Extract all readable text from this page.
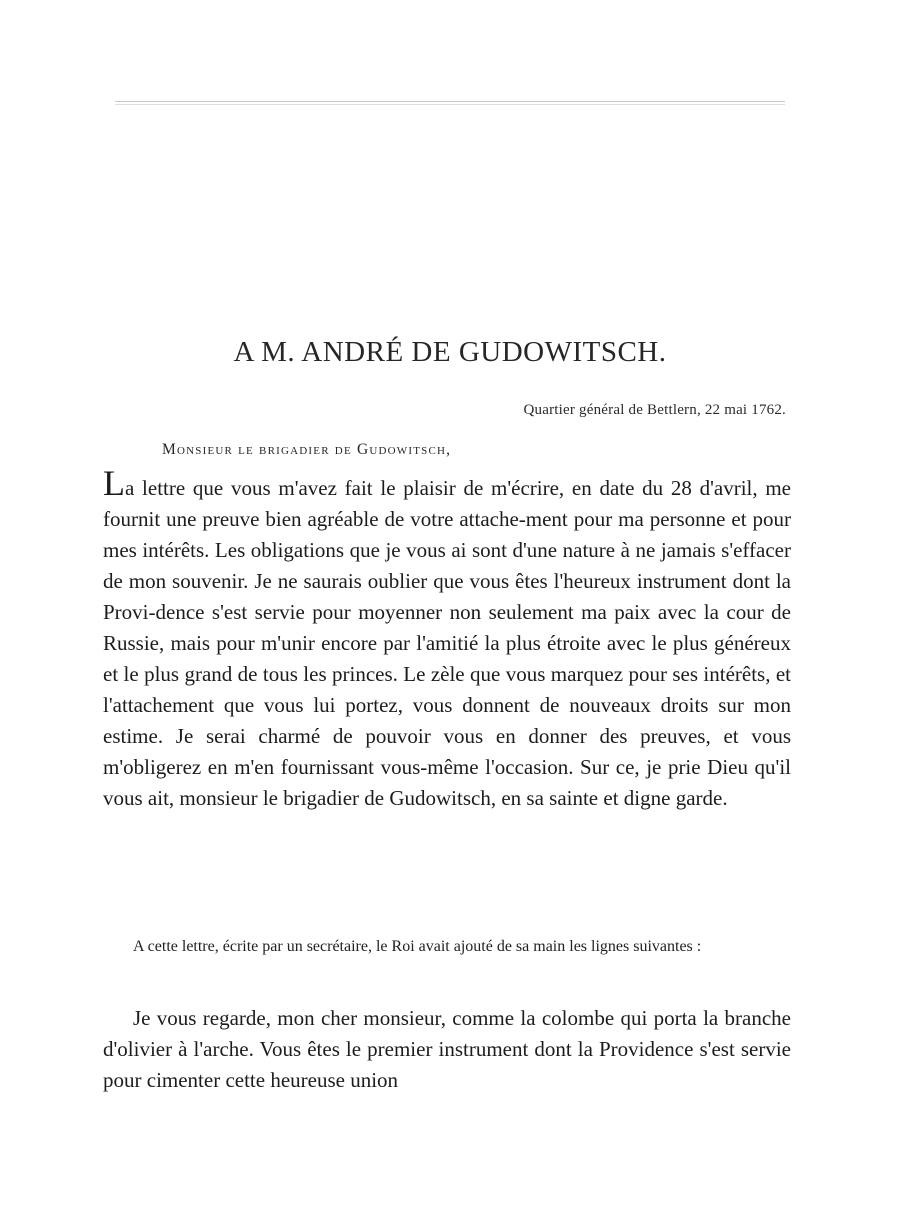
A M. ANDRÉ DE GUDOWITSCH.
Quartier général de Bettlern, 22 mai 1762.
Monsieur le brigadier de Gudowitsch,

La lettre que vous m'avez fait le plaisir de m'écrire, en date du 28 d'avril, me fournit une preuve bien agréable de votre attache-ment pour ma personne et pour mes intérêts. Les obligations que je vous ai sont d'une nature à ne jamais s'effacer de mon souvenir. Je ne saurais oublier que vous êtes l'heureux instrument dont la Provi-dence s'est servie pour moyenner non seulement ma paix avec la cour de Russie, mais pour m'unir encore par l'amitié la plus étroite avec le plus généreux et le plus grand de tous les princes. Le zèle que vous marquez pour ses intérêts, et l'attachement que vous lui portez, vous donnent de nouveaux droits sur mon estime. Je serai charmé de pouvoir vous en donner des preuves, et vous m'obligerez en m'en fournissant vous-même l'occasion. Sur ce, je prie Dieu qu'il vous ait, monsieur le brigadier de Gudowitsch, en sa sainte et digne garde.

A cette lettre, écrite par un secrétaire, le Roi avait ajouté de sa main les lignes suivantes :

Je vous regarde, mon cher monsieur, comme la colombe qui porta la branche d'olivier à l'arche. Vous êtes le premier instrument dont la Providence s'est servie pour cimenter cette heureuse union
